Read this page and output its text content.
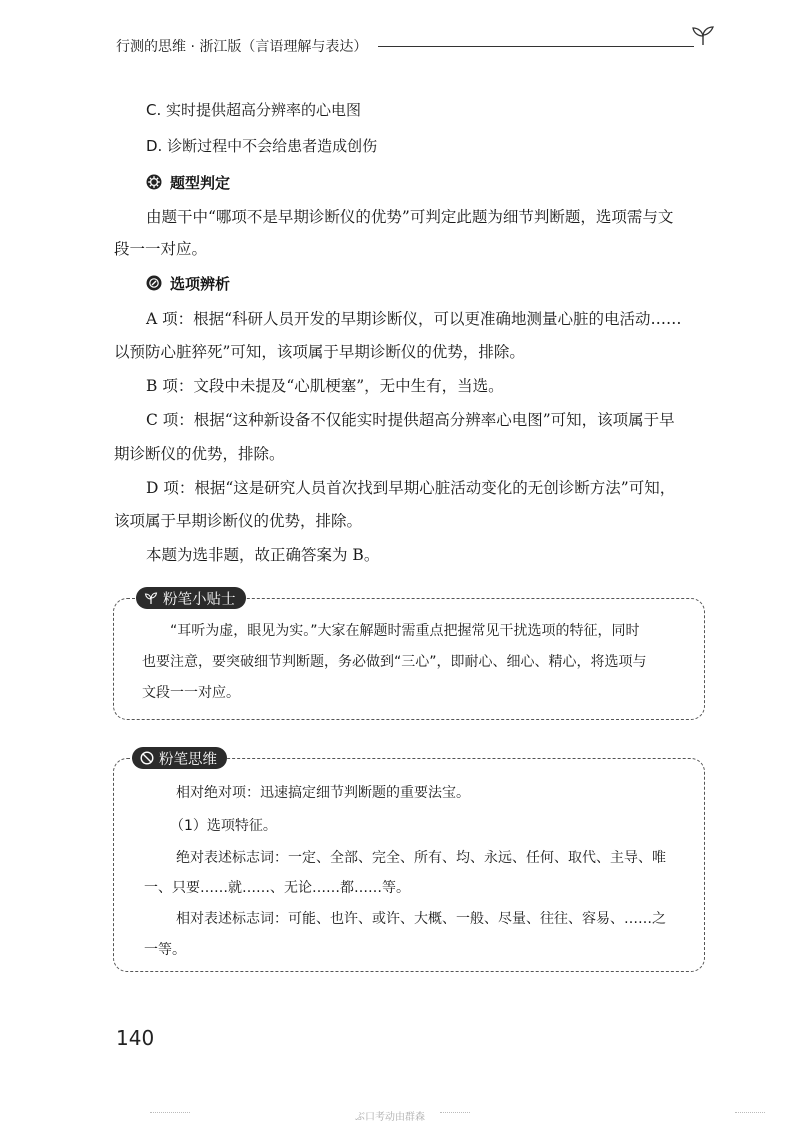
行测的思维 · 浙江版（言语理解与表达）
C. 实时提供超高分辨率的心电图
D. 诊断过程中不会给患者造成创伤
题型判定
由题干中“哪项不是早期诊断仪的优势”可判定此题为细节判断题，选项需与文
段一一对应。
选项辨析
A 项：根据“科研人员开发的早期诊断仪，可以更准确地测量心脏的电活动……
以预防心脏猝死”可知，该项属于早期诊断仪的优势，排除。
B 项：文段中未提及“心肌梗塞”，无中生有，当选。
C 项：根据“这种新设备不仅能实时提供超高分辨率心电图”可知，该项属于早
期诊断仪的优势，排除。
D 项：根据“这是研究人员首次找到早期心脏活动变化的无创诊断方法”可知，
该项属于早期诊断仪的优势，排除。
本题为选非题，故正确答案为 B。
粉笔小贴士
“耳听为虚，眼见为实。”大家在解题时需重点把握常见干扰选项的特征，同时
也要注意，要突破细节判断题，务必做到“三心”，即耐心、细心、精心，将选项与
文段一一对应。
粉笔思维
相对绝对项：迅速搞定细节判断题的重要法宝。
（1）选项特征。
绝对表述标志词：一定、全部、完全、所有、均、永远、任何、取代、主导、唯
一、只要……就……、无论……都……等。
相对表述标志词：可能、也许、或许、大概、一般、尽量、往往、容易、……之
一等。
140
ぶ口考动由群森
